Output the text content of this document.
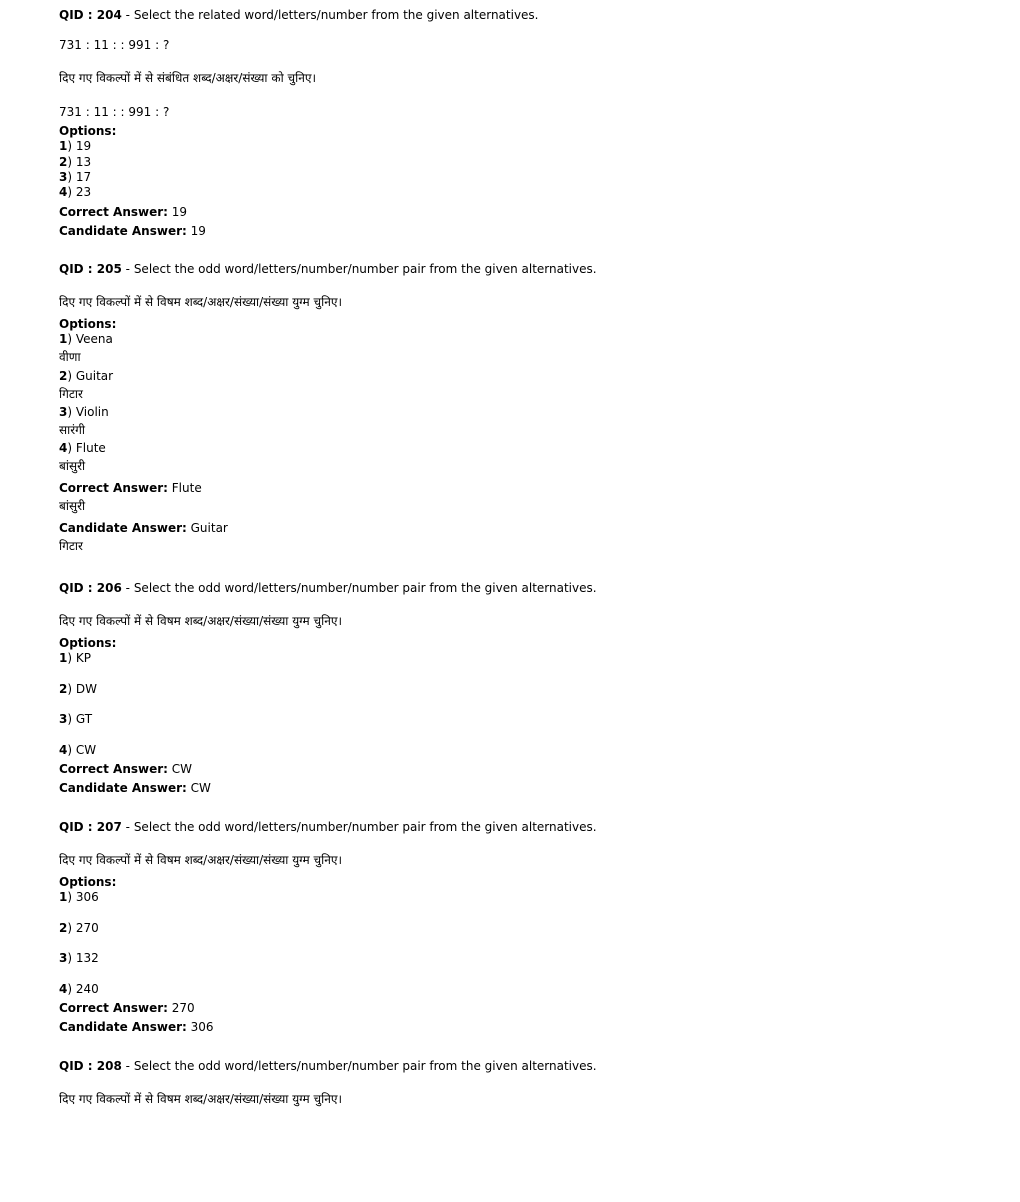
QID : 204 - Select the related word/letters/number from the given alternatives.
731 : 11 : : 991 : ?
दिए गए विकल्पों में से संबंधित शब्द/अक्षर/संख्या को चुनिए।
731 : 11 : : 991 : ?
Options:
1) 19
2) 13
3) 17
4) 23
Correct Answer: 19
Candidate Answer: 19
QID : 205 - Select the odd word/letters/number/number pair from the given alternatives.
दिए गए विकल्पों में से विषम शब्द/अक्षर/संख्या/संख्या युग्म चुनिए।
Options:
1) Veena
वीणा
2) Guitar
गिटार
3) Violin
सारंगी
4) Flute
बांसुरी
Correct Answer: Flute
बांसुरी
Candidate Answer: Guitar
गिटार
QID : 206 - Select the odd word/letters/number/number pair from the given alternatives.
दिए गए विकल्पों में से विषम शब्द/अक्षर/संख्या/संख्या युग्म चुनिए।
Options:
1) KP
2) DW
3) GT
4) CW
Correct Answer: CW
Candidate Answer: CW
QID : 207 - Select the odd word/letters/number/number pair from the given alternatives.
दिए गए विकल्पों में से विषम शब्द/अक्षर/संख्या/संख्या युग्म चुनिए।
Options:
1) 306
2) 270
3) 132
4) 240
Correct Answer: 270
Candidate Answer: 306
QID : 208 - Select the odd word/letters/number/number pair from the given alternatives.
दिए गए विकल्पों में से विषम शब्द/अक्षर/संख्या/संख्या युग्म चुनिए।
